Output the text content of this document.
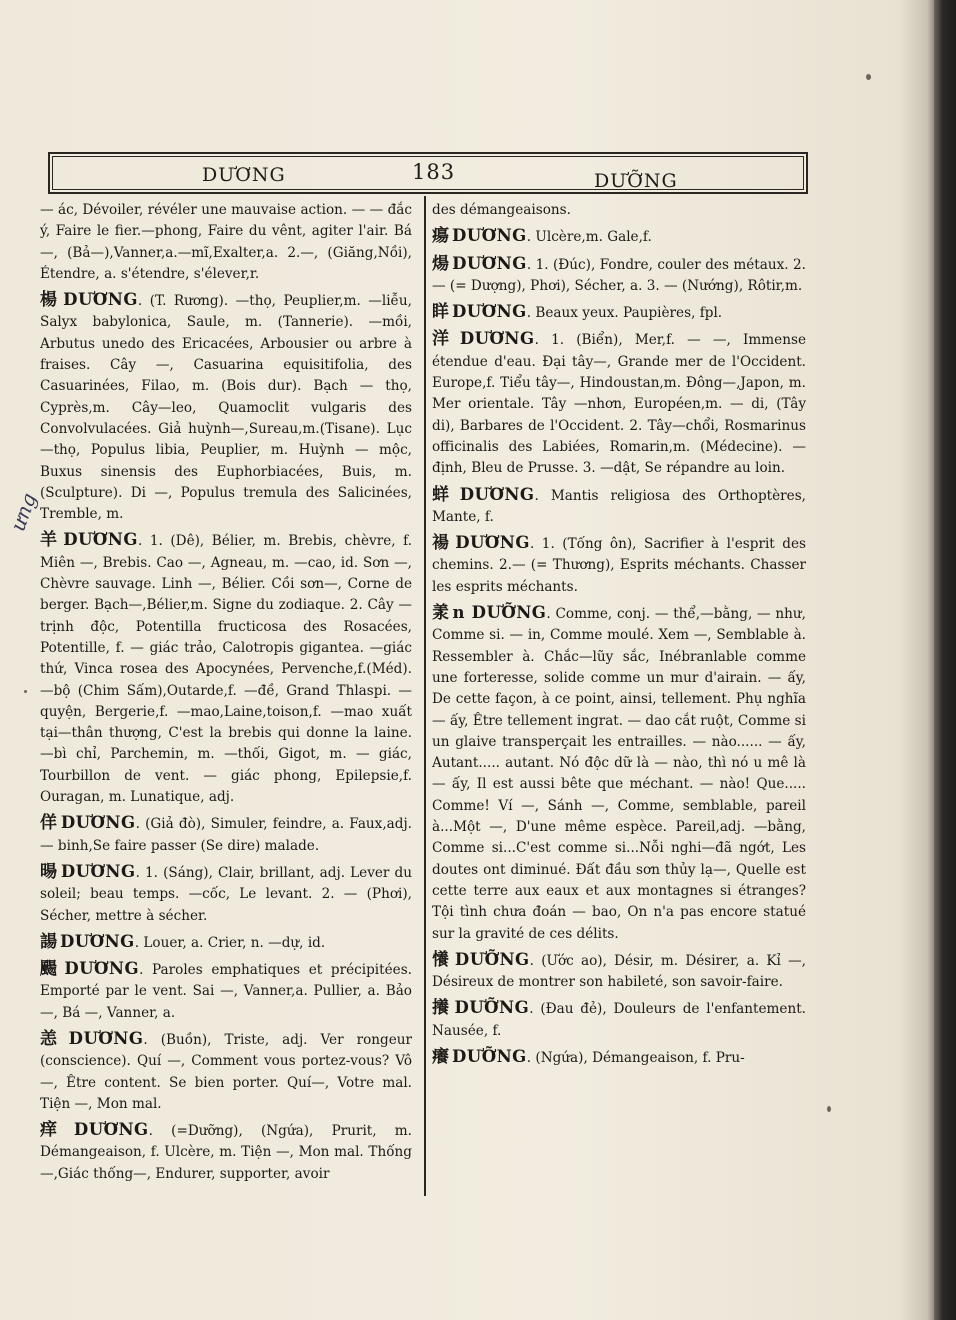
DƯƠNG	183	DƯỠNG
ưng

— ác, Dévoiler, révéler une mauvaise action. — — đắc ý, Faire le fier.—phong, Faire du vênt, agiter l'air. Bá—, (Bả—),Vanner,a.—mĩ,Exalter,a. 2.—, (Giăng,Nồi), Étendre, a. s'étendre, s'élever,r.

楊 DƯƠNG. (T. Rương). —thọ, Peuplier,m. —liễu, Salyx babylonica, Saule, m. (Tannerie). —mồi, Arbutus unedo des Ericacées, Arbousier ou arbre à fraises. Cây —, Casuarina equisitifolia, des Casuarinées, Filao, m. (Bois dur). Bạch — thọ, Cyprès,m. Cây—leo, Quamoclit vulgaris des Convolvulacées. Giả huỳnh—,Sureau,m.(Tisane). Lục—thọ, Populus libia, Peuplier, m. Huỳnh — mộc, Buxus sinensis des Euphorbiacées, Buis, m. (Sculpture). Di —, Populus tremula des Salicinées, Tremble, m.

羊 DƯƠNG. 1. (Dê), Bélier, m. Brebis, chèvre, f. Miên —, Brebis. Cao —, Agneau, m. —cao, id. Sơn —, Chèvre sauvage. Linh —, Bélier. Cồi sơn—, Corne de berger. Bạch—,Bélier,m. Signe du zodiaque. 2. Cây — trịnh độc, Potentilla fructicosa des Rosacées, Potentille, f. — giác trảo, Calotropis gigantea. —giác thứ, Vinca rosea des Apocynées, Pervenche,f.(Méd). —bộ (Chim Sấm),Outarde,f. —đề, Grand Thlaspi. —quyện, Bergerie,f. —mao,Laine,toison,f. —mao xuất tại—thân thượng, C'est la brebis qui donne la laine. —bì chỉ, Parchemin, m. —thối, Gigot, m. — giác, Tourbillon de vent. — giác phong, Epilepsie,f. Ouragan, m. Lunatique, adj.

佯 DƯƠNG. (Giả đò), Simuler, feindre, a. Faux,adj. — binh,Se faire passer (Se dire) malade.

暘 DƯƠNG. 1. (Sáng), Clair, brillant, adj. Lever du soleil; beau temps. —cốc, Le levant. 2. — (Phơi), Sécher, mettre à sécher.

諹 DƯƠNG. Louer, a. Crier, n. —dự, id.

颺 DƯƠNG. Paroles emphatiques et précipitées. Emporté par le vent. Sai —, Vanner,a. Pullier, a. Bảo —, Bá —, Vanner, a.

恙 DƯƠNG. (Buồn), Triste, adj. Ver rongeur (conscience). Quí —, Comment vous portez-vous? Vô —, Être content. Se bien porter. Quí—, Votre mal. Tiện —, Mon mal.

痒 DƯƠNG. (=Dưỡng), (Ngứa), Prurit, m. Démangeaison, f. Ulcère, m. Tiện —, Mon mal. Thống —,Giác thống—, Endurer, supporter, avoir

des démangeaisons.

瘍 DƯƠNG. Ulcère,m. Gale,f.

煬 DƯƠNG. 1. (Đúc), Fondre, couler des métaux. 2. — (= Dượng), Phơi), Sécher, a. 3. — (Nướng), Rôtir,m.

眻 DƯƠNG. Beaux yeux. Paupières, fpl.

洋 DƯƠNG. 1. (Biển), Mer,f. — —, Immense étendue d'eau. Đại tây—, Grande mer de l'Occident. Europe,f. Tiểu tây—, Hindoustan,m. Đông—,Japon, m. Mer orientale. Tây —nhơn, Européen,m. — di, (Tây di), Barbares de l'Occident. 2. Tây—chổi, Rosmarinus officinalis des Labiées, Romarin,m. (Médecine). —định, Bleu de Prusse. 3. —dật, Se répandre au loin.

蛘 DƯƠNG. Mantis religiosa des Orthoptères, Mante, f.

禓 DƯƠNG. 1. (Tống ôn), Sacrifier à l'esprit des chemins. 2.— (= Thương), Esprits méchants. Chasser les esprits méchants.

羕 n DƯỠNG. Comme, conj. — thể,—bằng, — như, Comme si. — in, Comme moulé. Xem —, Semblable à. Ressembler à. Chắc—lũy sắc, Inébranlable comme une forteresse, solide comme un mur d'airain. — ấy, De cette façon, à ce point, ainsi, tellement. Phụ nghĩa — ấy, Être tellement ingrat. — dao cắt ruột, Comme si un glaive transperçait les entrailles. — nào...... — ấy, Autant..... autant. Nó độc dữ là — nào, thì nó u mê là — ấy, Il est aussi bête que méchant. — nào! Que..... Comme! Ví —, Sánh —, Comme, semblable, pareil à...Một —, D'une même espèce. Pareil,adj. —bằng, Comme si...C'est comme si...Nỗi nghi—đã ngớt, Les doutes ont diminué. Đất đầu sơn thủy lạ—, Quelle est cette terre aux eaux et aux montagnes si étranges? Tội tình chưa đoán — bao, On n'a pas encore statué sur la gravité de ces délits.

懩 DƯỠNG. (Ước ao), Désir, m. Désirer, a. Kỉ —, Désireux de montrer son habileté, son savoir-faire.

攁 DƯỠNG. (Đau đẻ), Douleurs de l'enfantement. Nausée, f.

癢 DƯỠNG. (Ngứa), Démangeaison, f. Pru-
